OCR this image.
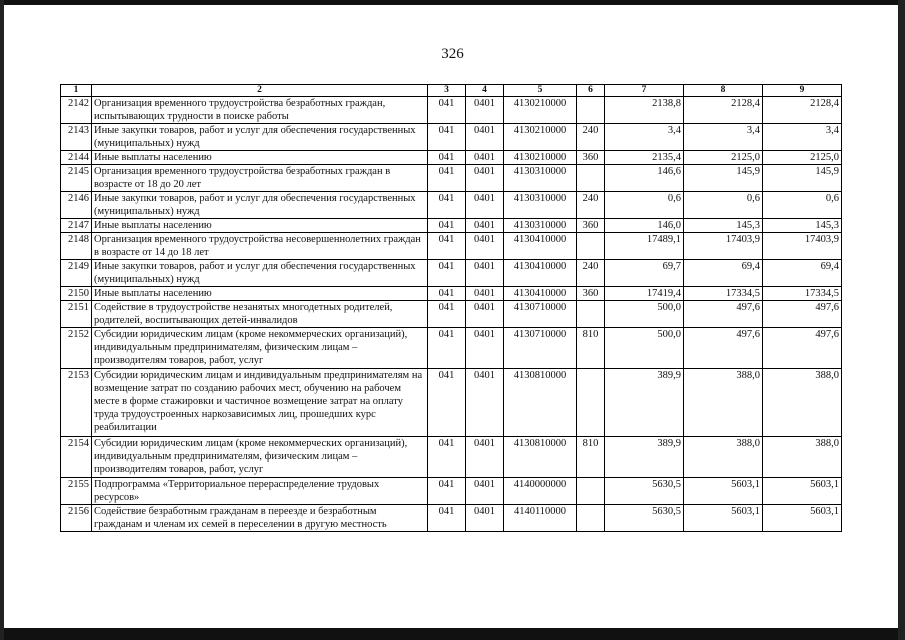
326
1	2	3	4	5	6	7	8	9
2142	Организация временного трудоустройства безработных граждан, испытывающих трудности в поиске работы	041	0401	4130210000		2138,8	2128,4	2128,4
2143	Иные закупки товаров, работ и услуг для обеспечения государственных (муниципальных) нужд	041	0401	4130210000	240	3,4	3,4	3,4
2144	Иные выплаты населению	041	0401	4130210000	360	2135,4	2125,0	2125,0
2145	Организация временного трудоустройства безработных граждан в возрасте от 18 до 20 лет	041	0401	4130310000		146,6	145,9	145,9
2146	Иные закупки товаров, работ и услуг для обеспечения государственных (муниципальных) нужд	041	0401	4130310000	240	0,6	0,6	0,6
2147	Иные выплаты населению	041	0401	4130310000	360	146,0	145,3	145,3
2148	Организация временного трудоустройства несовершеннолетних граждан в возрасте от 14 до 18 лет	041	0401	4130410000		17489,1	17403,9	17403,9
2149	Иные закупки товаров, работ и услуг для обеспечения государственных (муниципальных) нужд	041	0401	4130410000	240	69,7	69,4	69,4
2150	Иные выплаты населению	041	0401	4130410000	360	17419,4	17334,5	17334,5
2151	Содействие в трудоустройстве незанятых многодетных родителей, родителей, воспитывающих детей-инвалидов	041	0401	4130710000		500,0	497,6	497,6
2152	Субсидии юридическим лицам (кроме некоммерческих организаций), индивидуальным предпринимателям, физическим лицам – производителям товаров, работ, услуг	041	0401	4130710000	810	500,0	497,6	497,6
2153	Субсидии юридическим лицам и индивидуальным предпринимателям на возмещение затрат по созданию рабочих мест, обучению на рабочем месте в форме стажировки и частичное возмещение затрат на оплату труда трудоустроенных наркозависимых лиц, прошедших курс реабилитации	041	0401	4130810000		389,9	388,0	388,0
2154	Субсидии юридическим лицам (кроме некоммерческих организаций), индивидуальным предпринимателям, физическим лицам – производителям товаров, работ, услуг	041	0401	4130810000	810	389,9	388,0	388,0
2155	Подпрограмма «Территориальное перераспределение трудовых ресурсов»	041	0401	4140000000		5630,5	5603,1	5603,1
2156	Содействие безработным гражданам в переезде и безработным гражданам и членам их семей в переселении в другую местность	041	0401	4140110000		5630,5	5603,1	5603,1
